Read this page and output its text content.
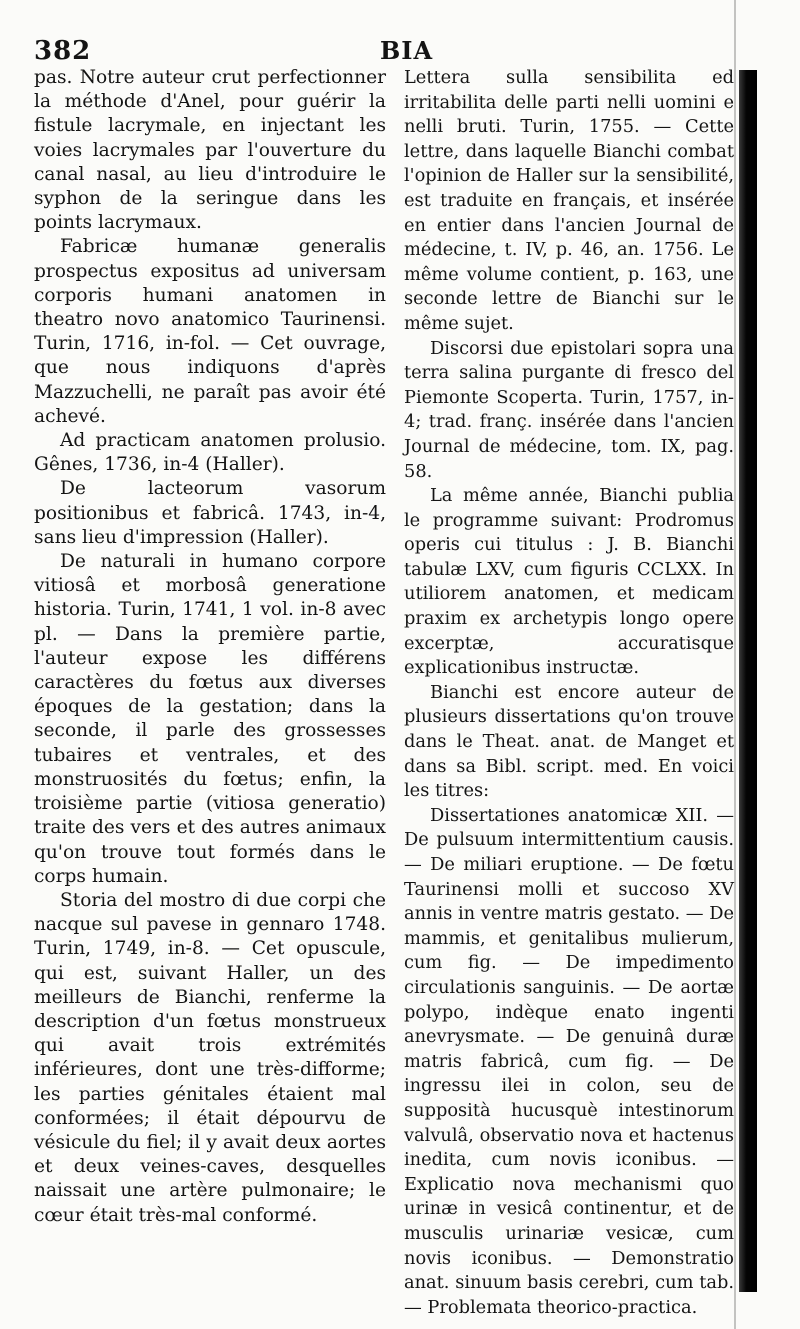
382	BIA

pas. Notre auteur crut perfectionner la méthode d'Anel, pour guérir la fistule lacrymale, en injectant les voies lacrymales par l'ouverture du canal nasal, au lieu d'introduire le syphon de la seringue dans les points lacrymaux.

Fabricæ humanæ generalis prospectus expositus ad universam corporis humani anatomen in theatro novo anatomico Taurinensi. Turin, 1716, in-fol. — Cet ouvrage, que nous indiquons d'après Mazzuchelli, ne paraît pas avoir été achevé.

Ad practicam anatomen prolusio. Gênes, 1736, in-4 (Haller).

De lacteorum vasorum positionibus et fabricâ. 1743, in-4, sans lieu d'impression (Haller).

De naturali in humano corpore vitiosâ et morbosâ generatione historia. Turin, 1741, 1 vol. in-8 avec pl. — Dans la première partie, l'auteur expose les différens caractères du fœtus aux diverses époques de la gestation; dans la seconde, il parle des grossesses tubaires et ventrales, et des monstruosités du fœtus; enfin, la troisième partie (vitiosa generatio) traite des vers et des autres animaux qu'on trouve tout formés dans le corps humain.

Storia del mostro di due corpi che nacque sul pavese in gennaro 1748. Turin, 1749, in-8. — Cet opuscule, qui est, suivant Haller, un des meilleurs de Bianchi, renferme la description d'un fœtus monstrueux qui avait trois extrémités inférieures, dont une très-difforme; les parties génitales étaient mal conformées; il était dépourvu de vésicule du fiel; il y avait deux aortes et deux veines-caves, desquelles naissait une artère pulmonaire; le cœur était très-mal conformé.

Lettera sulla sensibilita ed irritabilita delle parti nelli uomini e nelli bruti. Turin, 1755. — Cette lettre, dans laquelle Bianchi combat l'opinion de Haller sur la sensibilité, est traduite en français, et insérée en entier dans l'ancien Journal de médecine, t. IV, p. 46, an. 1756. Le même volume contient, p. 163, une seconde lettre de Bianchi sur le même sujet.

Discorsi due epistolari sopra una terra salina purgante di fresco del Piemonte Scoperta. Turin, 1757, in-4; trad. franç. insérée dans l'ancien Journal de médecine, tom. IX, pag. 58.

La même année, Bianchi publia le programme suivant: Prodromus operis cui titulus : J. B. Bianchi tabulæ LXV, cum figuris CCLXX. In utiliorem anatomen, et medicam praxim ex archetypis longo opere excerptæ, accuratisque explicationibus instructæ.

Bianchi est encore auteur de plusieurs dissertations qu'on trouve dans le Theat. anat. de Manget et dans sa Bibl. script. med. En voici les titres:

Dissertationes anatomicæ XII. — De pulsuum intermittentium causis. — De miliari eruptione. — De fœtu Taurinensi molli et succoso XV annis in ventre matris gestato. — De mammis, et genitalibus mulierum, cum fig. — De impedimento circulationis sanguinis. — De aortæ polypo, indèque enato ingenti anevrysmate. — De genuinâ duræ matris fabricâ, cum fig. — De ingressu ilei in colon, seu de supposità hucusquè intestinorum valvulâ, observatio nova et hactenus inedita, cum novis iconibus. — Explicatio nova mechanismi quo urinæ in vesicâ continentur, et de musculis urinariæ vesicæ, cum novis iconibus. — Demonstratio anat. sinuum basis cerebri, cum tab. — Problemata theorico-practica.
